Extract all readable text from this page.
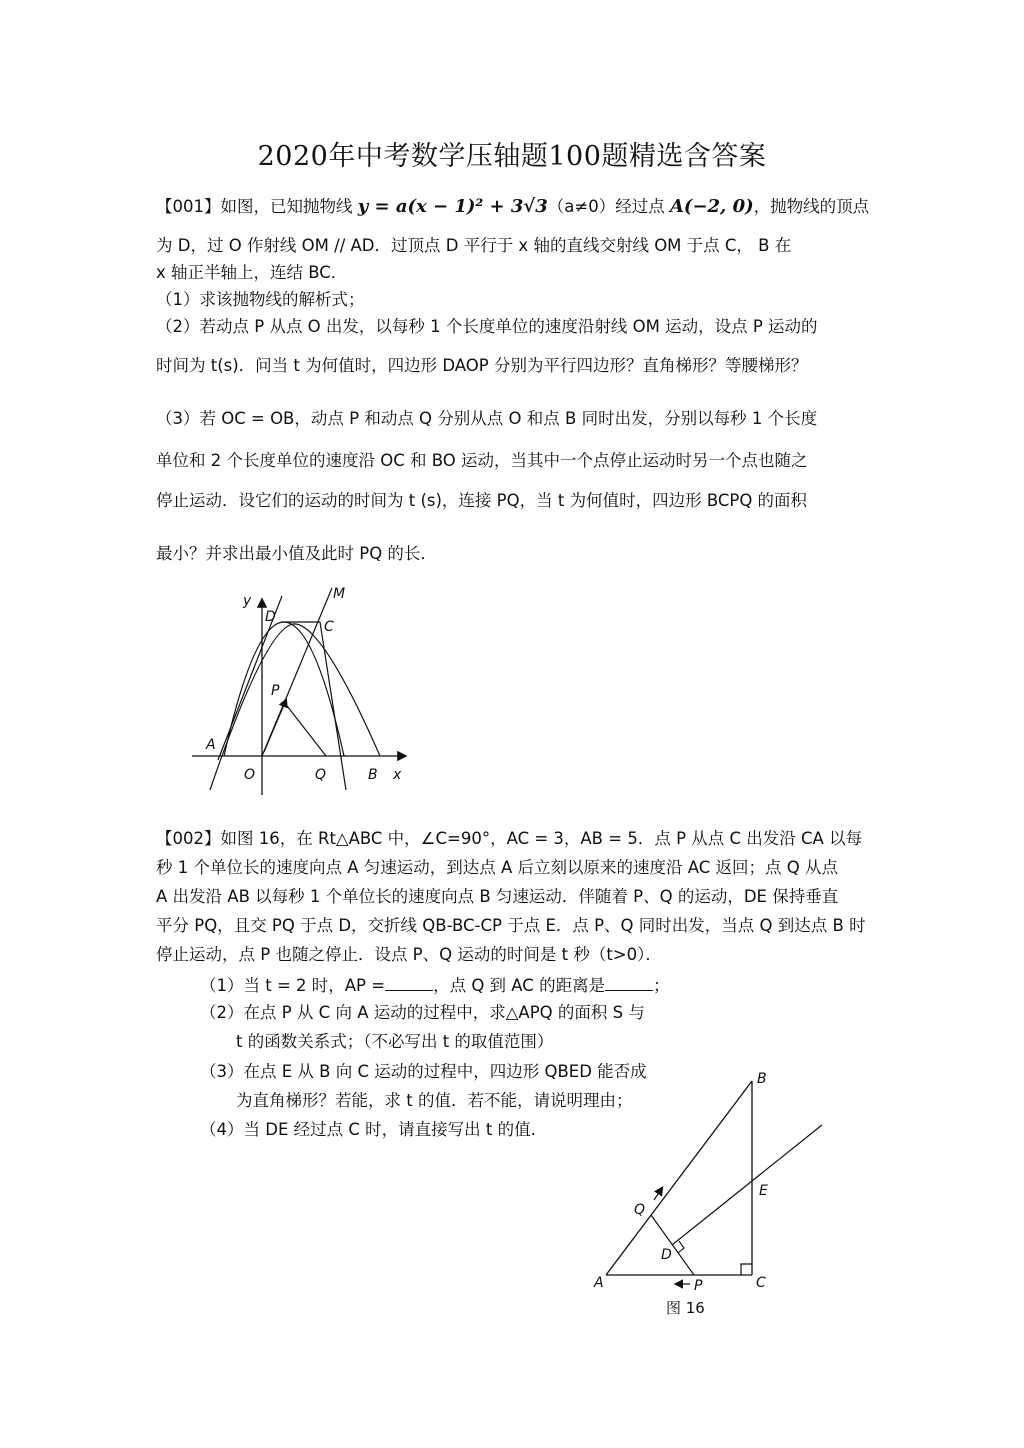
2020年中考数学压轴题100题精选含答案
【001】如图，已知抛物线 y = a(x − 1)² + 3√3（a≠0）经过点 A(−2, 0)，抛物线的顶点
为 D，过 O 作射线 OM // AD．过顶点 D 平行于 x 轴的直线交射线 OM 于点 C， B 在
x 轴正半轴上，连结 BC．
（1）求该抛物线的解析式；
（2）若动点 P 从点 O 出发，以每秒 1 个长度单位的速度沿射线 OM 运动，设点 P 运动的
时间为 t(s)．问当 t 为何值时，四边形 DAOP 分别为平行四边形？直角梯形？等腰梯形？
（3）若 OC = OB，动点 P 和动点 Q 分别从点 O 和点 B 同时出发，分别以每秒 1 个长度
单位和 2 个长度单位的速度沿 OC 和 BO 运动，当其中一个点停止运动时另一个点也随之
停止运动．设它们的运动的时间为 t (s)，连接 PQ，当 t 为何值时，四边形 BCPQ 的面积
最小？并求出最小值及此时 PQ 的长．
y
x
D
M
C
P
A
O	Q	B
【002】如图 16，在 Rt△ABC 中，∠C=90°，AC = 3，AB = 5．点 P 从点 C 出发沿 CA 以每
秒 1 个单位长的速度向点 A 匀速运动，到达点 A 后立刻以原来的速度沿 AC 返回；点 Q 从点
A 出发沿 AB 以每秒 1 个单位长的速度向点 B 匀速运动．伴随着 P、Q 的运动，DE 保持垂直
平分 PQ，且交 PQ 于点 D，交折线 QB-BC-CP 于点 E．点 P、Q 同时出发，当点 Q 到达点 B 时
停止运动，点 P 也随之停止．设点 P、Q 运动的时间是 t 秒（t>0）．
（1）当 t = 2 时，AP =	，点 Q 到 AC 的距离是	；
（2）在点 P 从 C 向 A 运动的过程中，求△APQ 的面积 S 与
t 的函数关系式；（不必写出 t 的取值范围）
（3）在点 E 从 B 向 C 运动的过程中，四边形 QBED 能否成
为直角梯形？若能，求 t 的值．若不能，请说明理由；
（4）当 DE 经过点 C 时，请直接写出 t 的值.
B
E
Q
D
A	P	C
图 16
